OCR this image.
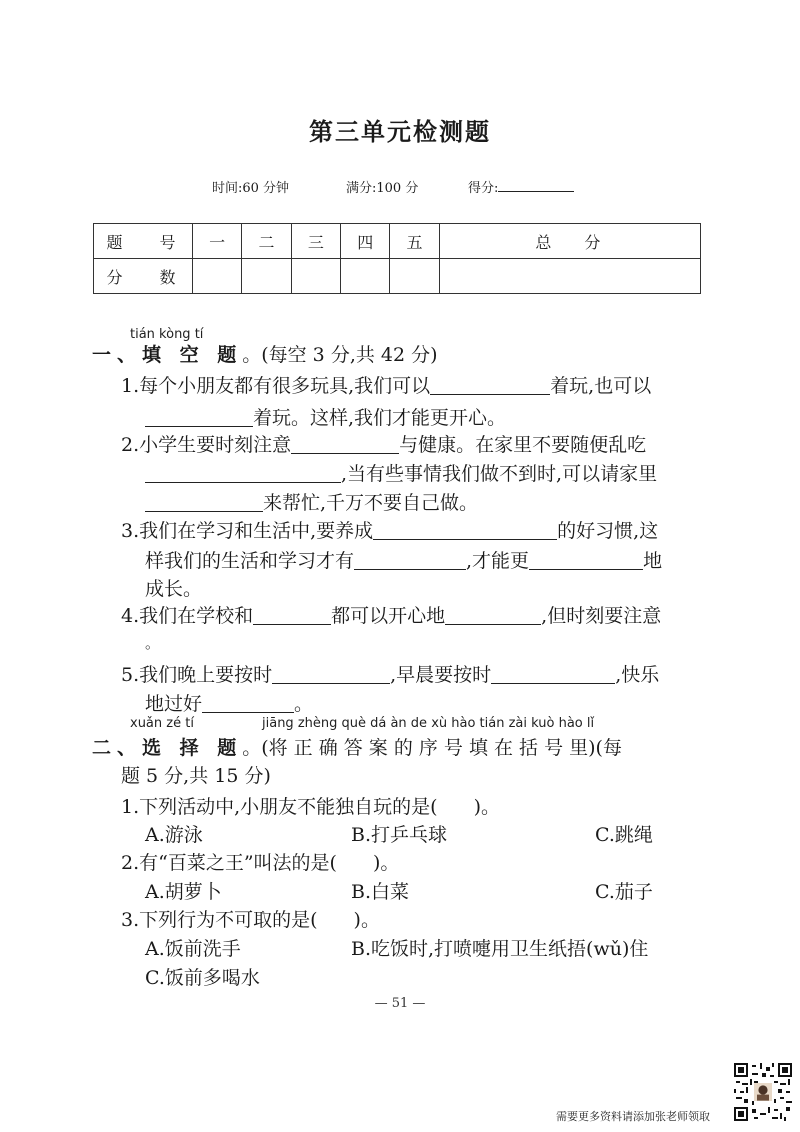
第三单元检测题
时间:60 分钟	满分:100 分	得分:
题 号	一	二	三	四	五	总 分
分 数						
tián kòng tí
一、填 空 题。(每空 3 分,共 42 分)
1.每个小朋友都有很多玩具,我们可以	着玩,也可以
着玩。这样,我们才能更开心。
2.小学生要时刻注意	与健康。在家里不要随便乱吃
,当有些事情我们做不到时,可以请家里
来帮忙,千万不要自己做。
3.我们在学习和生活中,要养成	的好习惯,这
样我们的生活和学习才有	,才能更	地
成长。
4.我们在学校和	都可以开心地	,但时刻要注意
。
5.我们晚上要按时	,早晨要按时	,快乐
地过好	。
xuǎn zé tí	jiāng zhèng què dá àn de xù hào tián zài kuò hào lǐ
二、选 择 题。(将 正 确 答 案 的 序 号 填 在 括 号 里)(每
题 5 分,共 15 分)
1.下列活动中,小朋友不能独自玩的是( )。
A.游泳	B.打乒乓球	C.跳绳
2.有“百菜之王”叫法的是( )。
A.胡萝卜	B.白菜	C.茄子
3.下列行为不可取的是( )。
A.饭前洗手	B.吃饭时,打喷嚏用卫生纸捂(wǔ)住
C.饭前多喝水
— 51 —
需要更多资料请添加张老师领取
